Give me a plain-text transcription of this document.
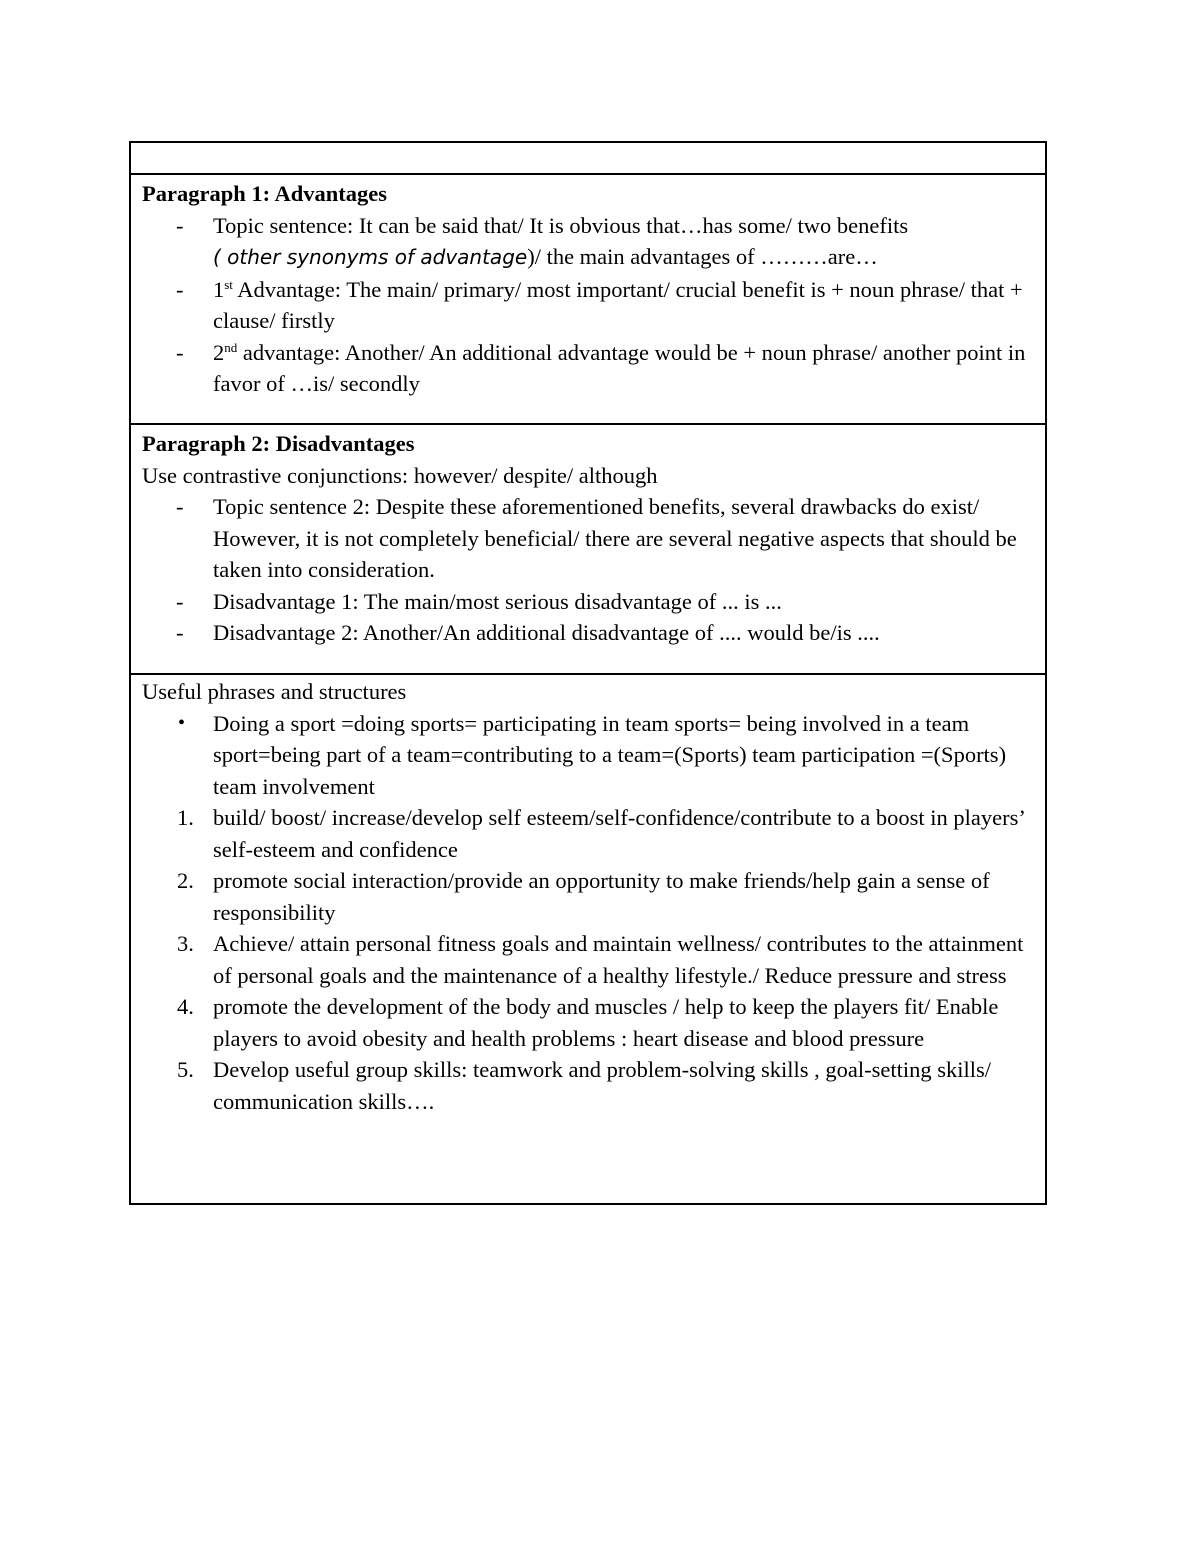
Paragraph 1: Advantages
-	Topic sentence: It can be said that/ It is obvious that…has some/ two benefits
( other synonyms of advantage)/ the main advantages of ………are…
-	1st Advantage: The main/ primary/ most important/ crucial benefit is + noun phrase/ that + clause/ firstly
-	2nd advantage: Another/ An additional advantage would be + noun phrase/ another point in favor of …is/ secondly
Paragraph 2: Disadvantages
Use contrastive conjunctions: however/ despite/ although
-	Topic sentence 2: Despite these aforementioned benefits, several drawbacks do exist/ However, it is not completely beneficial/ there are several negative aspects that should be taken into consideration.
-	Disadvantage 1: The main/most serious disadvantage of ... is ...
-	Disadvantage 2: Another/An additional disadvantage of .... would be/is ....
Useful phrases and structures
•	Doing a sport =doing sports= participating in team sports= being involved in a team sport=being part of a team=contributing to a team=(Sports) team participation =(Sports) team involvement
1. build/ boost/ increase/develop self esteem/self-confidence/contribute to a boost in players’ self-esteem and confidence
2. promote social interaction/provide an opportunity to make friends/help gain a sense of responsibility
3. Achieve/ attain personal fitness goals and maintain wellness/ contributes to the attainment of personal goals and the maintenance of a healthy lifestyle./ Reduce pressure and stress
4. promote the development of the body and muscles / help to keep the players fit/ Enable players to avoid obesity and health problems : heart disease and blood pressure
5. Develop useful group skills: teamwork and problem-solving skills , goal-setting skills/ communication skills….
